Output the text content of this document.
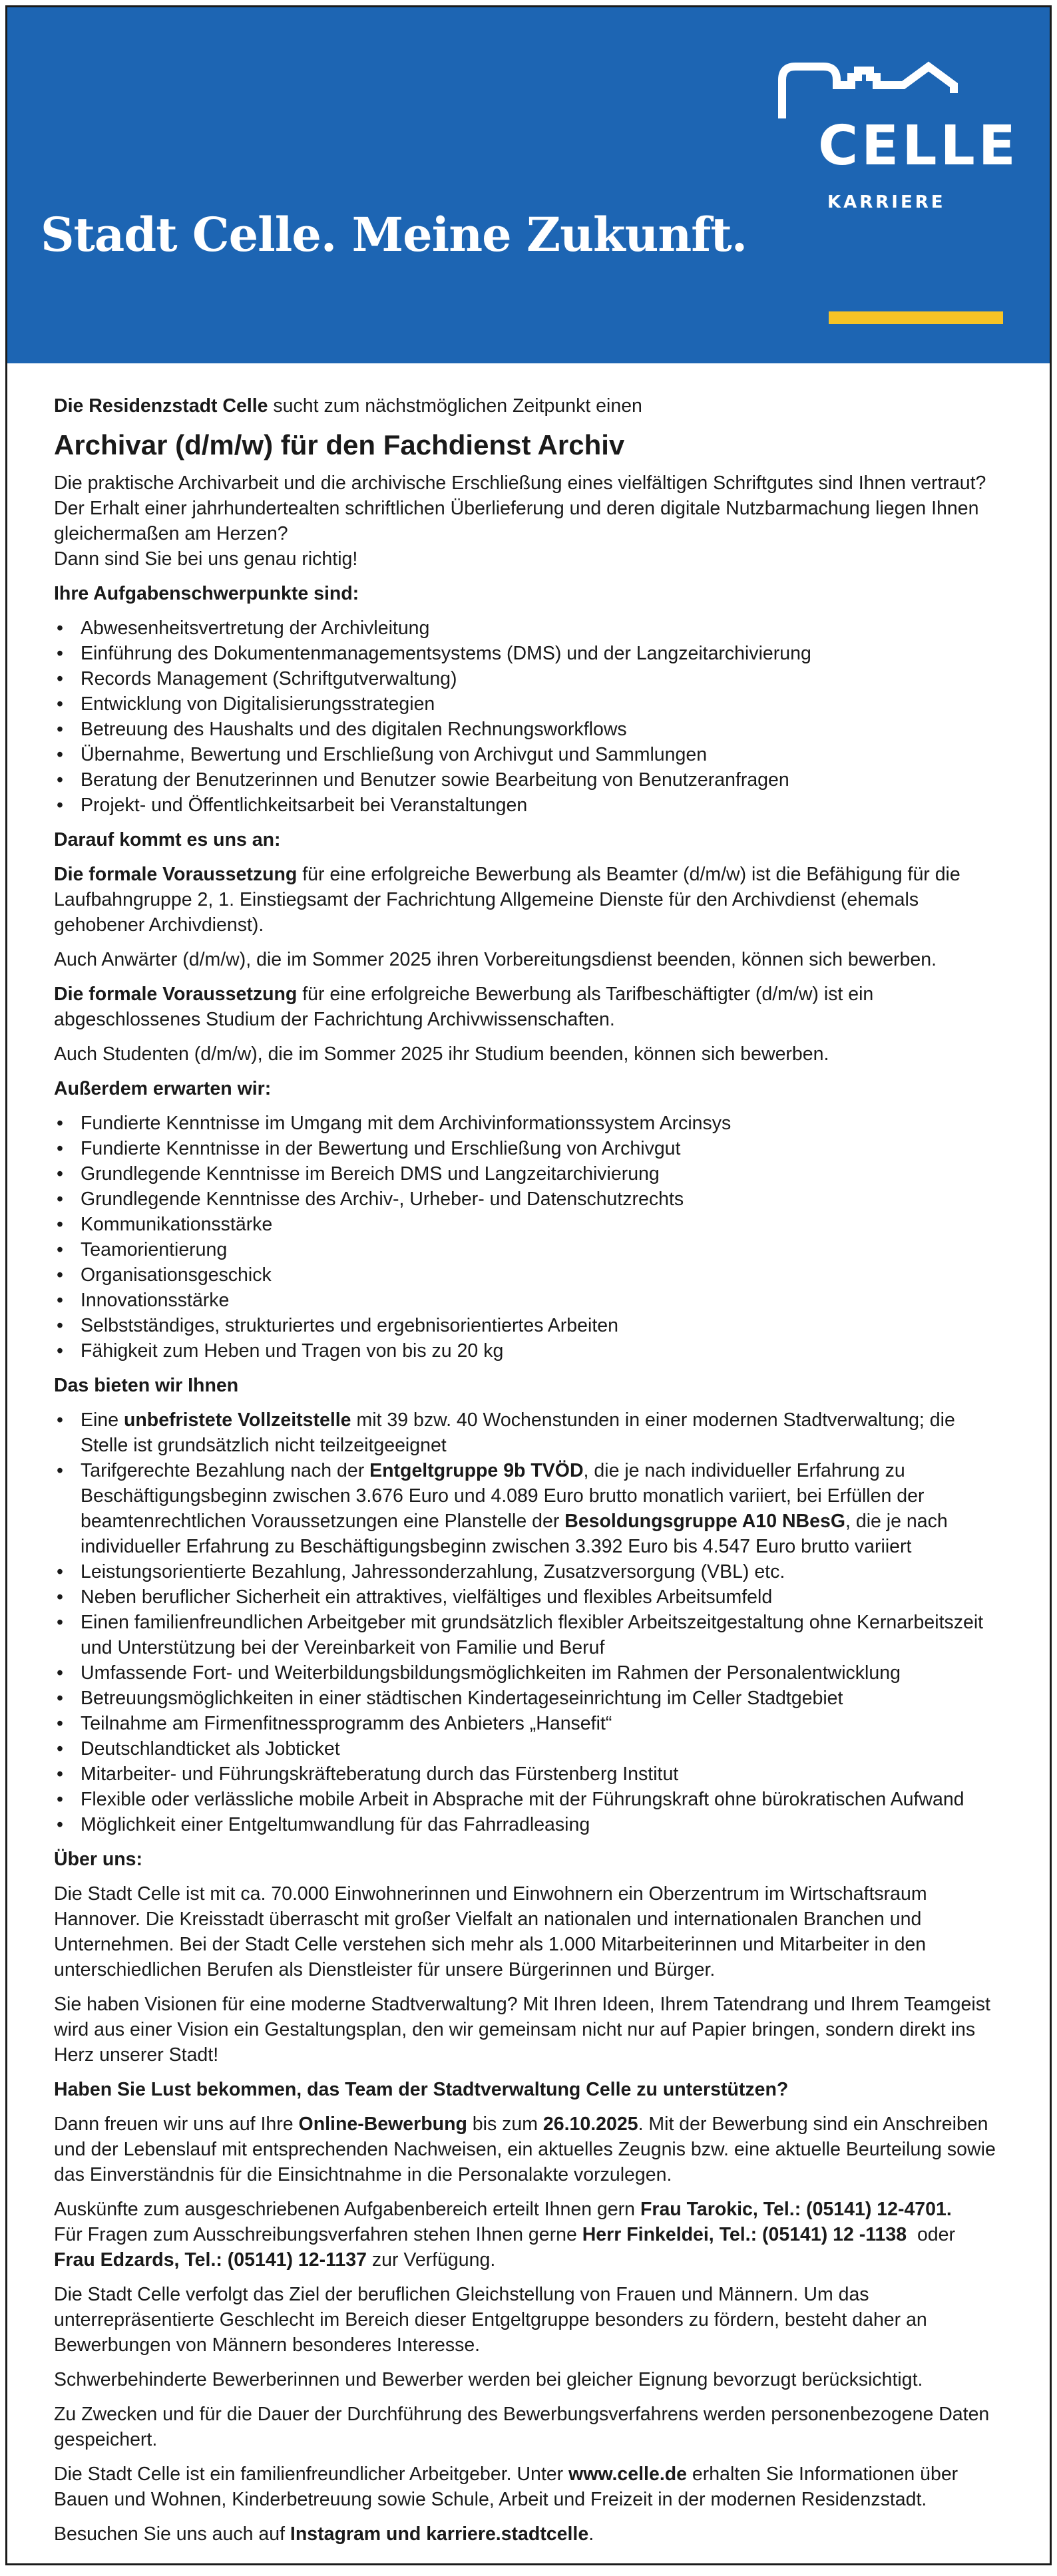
Stadt Celle. Meine Zukunft.
CELLE
KARRIERE

Die Residenzstadt Celle sucht zum nächstmöglichen Zeitpunkt einen

Archivar (d/m/w) für den Fachdienst Archiv

Die praktische Archivarbeit und die archivische Erschließung eines vielfältigen Schriftgutes sind Ihnen vertraut?
Der Erhalt einer jahrhundertealten schriftlichen Überlieferung und deren digitale Nutzbarmachung liegen Ihnen gleichermaßen am Herzen?
Dann sind Sie bei uns genau richtig!

Ihre Aufgabenschwerpunkte sind:
• Abwesenheitsvertretung der Archivleitung
• Einführung des Dokumentenmanagementsystems (DMS) und der Langzeitarchivierung
• Records Management (Schriftgutverwaltung)
• Entwicklung von Digitalisierungsstrategien
• Betreuung des Haushalts und des digitalen Rechnungsworkflows
• Übernahme, Bewertung und Erschließung von Archivgut und Sammlungen
• Beratung der Benutzerinnen und Benutzer sowie Bearbeitung von Benutzeranfragen
• Projekt- und Öffentlichkeitsarbeit bei Veranstaltungen
Darauf kommt es uns an:

Die formale Voraussetzung für eine erfolgreiche Bewerbung als Beamter (d/m/w) ist die Befähigung für die Laufbahngruppe 2, 1. Einstiegsamt der Fachrichtung Allgemeine Dienste für den Archivdienst (ehemals gehobener Archivdienst).

Auch Anwärter (d/m/w), die im Sommer 2025 ihren Vorbereitungsdienst beenden, können sich bewerben.

Die formale Voraussetzung für eine erfolgreiche Bewerbung als Tarifbeschäftigter (d/m/w) ist ein abgeschlossenes Studium der Fachrichtung Archivwissenschaften.

Auch Studenten (d/m/w), die im Sommer 2025 ihr Studium beenden, können sich bewerben.

Außerdem erwarten wir:
• Fundierte Kenntnisse im Umgang mit dem Archivinformationssystem Arcinsys
• Fundierte Kenntnisse in der Bewertung und Erschließung von Archivgut
• Grundlegende Kenntnisse im Bereich DMS und Langzeitarchivierung
• Grundlegende Kenntnisse des Archiv-, Urheber- und Datenschutzrechts
• Kommunikationsstärke
• Teamorientierung
• Organisationsgeschick
• Innovationsstärke
• Selbstständiges, strukturiertes und ergebnisorientiertes Arbeiten
• Fähigkeit zum Heben und Tragen von bis zu 20 kg
Das bieten wir Ihnen
• Eine unbefristete Vollzeitstelle mit 39 bzw. 40 Wochenstunden in einer modernen Stadtverwaltung; die Stelle ist grundsätzlich nicht teilzeitgeeignet
• Tarifgerechte Bezahlung nach der Entgeltgruppe 9b TVÖD, die je nach individueller Erfahrung zu Beschäftigungsbeginn zwischen 3.676 Euro und 4.089 Euro brutto monatlich variiert, bei Erfüllen der beamtenrechtlichen Voraussetzungen eine Planstelle der Besoldungsgruppe A10 NBesG, die je nach individueller Erfahrung zu Beschäftigungsbeginn zwischen 3.392 Euro bis 4.547 Euro brutto variiert
• Leistungsorientierte Bezahlung, Jahressonderzahlung, Zusatzversorgung (VBL) etc.
• Neben beruflicher Sicherheit ein attraktives, vielfältiges und flexibles Arbeitsumfeld
• Einen familienfreundlichen Arbeitgeber mit grundsätzlich flexibler Arbeitszeitgestaltung ohne Kernarbeitszeit und Unterstützung bei der Vereinbarkeit von Familie und Beruf
• Umfassende Fort- und Weiterbildungsbildungsmöglichkeiten im Rahmen der Personalentwicklung
• Betreuungsmöglichkeiten in einer städtischen Kindertageseinrichtung im Celler Stadtgebiet
• Teilnahme am Firmenfitnessprogramm des Anbieters „Hansefit“
• Deutschlandticket als Jobticket
• Mitarbeiter- und Führungskräfteberatung durch das Fürstenberg Institut
• Flexible oder verlässliche mobile Arbeit in Absprache mit der Führungskraft ohne bürokratischen Aufwand
• Möglichkeit einer Entgeltumwandlung für das Fahrradleasing
Über uns:

Die Stadt Celle ist mit ca. 70.000 Einwohnerinnen und Einwohnern ein Oberzentrum im Wirtschaftsraum Hannover. Die Kreisstadt überrascht mit großer Vielfalt an nationalen und internationalen Branchen und Unternehmen. Bei der Stadt Celle verstehen sich mehr als 1.000 Mitarbeiterinnen und Mitarbeiter in den unterschiedlichen Berufen als Dienstleister für unsere Bürgerinnen und Bürger.

Sie haben Visionen für eine moderne Stadtverwaltung? Mit Ihren Ideen, Ihrem Tatendrang und Ihrem Teamgeist wird aus einer Vision ein Gestaltungsplan, den wir gemeinsam nicht nur auf Papier bringen, sondern direkt ins Herz unserer Stadt!

Haben Sie Lust bekommen, das Team der Stadtverwaltung Celle zu unterstützen?

Dann freuen wir uns auf Ihre Online-Bewerbung bis zum 26.10.2025. Mit der Bewerbung sind ein Anschreiben und der Lebenslauf mit entsprechenden Nachweisen, ein aktuelles Zeugnis bzw. eine aktuelle Beurteilung sowie das Einverständnis für die Einsichtnahme in die Personalakte vorzulegen.

Auskünfte zum ausgeschriebenen Aufgabenbereich erteilt Ihnen gern Frau Tarokic, Tel.: (05141) 12-4701.
Für Fragen zum Ausschreibungsverfahren stehen Ihnen gerne Herr Finkeldei, Tel.: (05141) 12 -1138  oder
Frau Edzards, Tel.: (05141) 12-1137 zur Verfügung.

Die Stadt Celle verfolgt das Ziel der beruflichen Gleichstellung von Frauen und Männern. Um das unterrepräsentierte Geschlecht im Bereich dieser Entgeltgruppe besonders zu fördern, besteht daher an Bewerbungen von Männern besonderes Interesse.

Schwerbehinderte Bewerberinnen und Bewerber werden bei gleicher Eignung bevorzugt berücksichtigt.

Zu Zwecken und für die Dauer der Durchführung des Bewerbungsverfahrens werden personenbezogene Daten gespeichert.

Die Stadt Celle ist ein familienfreundlicher Arbeitgeber. Unter www.celle.de erhalten Sie Informationen über Bauen und Wohnen, Kinderbetreuung sowie Schule, Arbeit und Freizeit in der modernen Residenzstadt.

Besuchen Sie uns auch auf Instagram und karriere.stadtcelle.
